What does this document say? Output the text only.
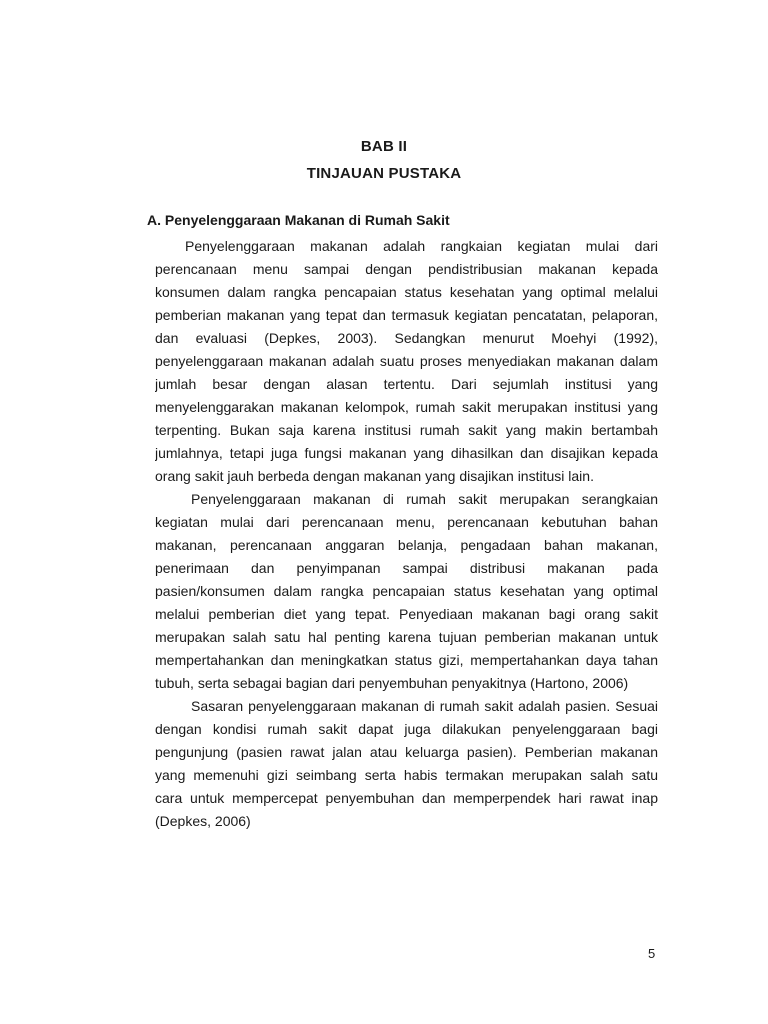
BAB II
TINJAUAN PUSTAKA
A. Penyelenggaraan Makanan di Rumah Sakit
Penyelenggaraan makanan adalah rangkaian kegiatan mulai dari
perencanaan menu sampai dengan pendistribusian makanan kepada
konsumen dalam rangka pencapaian status kesehatan yang optimal melalui
pemberian makanan yang tepat dan termasuk kegiatan pencatatan, pelaporan,
dan evaluasi (Depkes, 2003). Sedangkan menurut Moehyi (1992),
penyelenggaraan makanan adalah suatu proses menyediakan makanan dalam
jumlah besar dengan alasan tertentu. Dari sejumlah institusi yang
menyelenggarakan makanan kelompok, rumah sakit merupakan institusi yang
terpenting. Bukan saja karena institusi rumah sakit yang makin bertambah
jumlahnya, tetapi juga fungsi makanan yang dihasilkan dan disajikan kepada
orang sakit jauh berbeda dengan makanan yang disajikan institusi lain.
Penyelenggaraan makanan di rumah sakit merupakan serangkaian
kegiatan mulai dari perencanaan menu, perencanaan kebutuhan bahan
makanan, perencanaan anggaran belanja, pengadaan bahan makanan,
penerimaan dan penyimpanan sampai distribusi makanan pada
pasien/konsumen dalam rangka pencapaian status kesehatan yang optimal
melalui pemberian diet yang tepat. Penyediaan makanan bagi orang sakit
merupakan salah satu hal penting karena tujuan pemberian makanan untuk
mempertahankan dan meningkatkan status gizi, mempertahankan daya tahan
tubuh, serta sebagai bagian dari penyembuhan penyakitnya (Hartono, 2006)
Sasaran penyelenggaraan makanan di rumah sakit adalah pasien. Sesuai
dengan kondisi rumah sakit dapat juga dilakukan penyelenggaraan bagi
pengunjung (pasien rawat jalan atau keluarga pasien). Pemberian makanan
yang memenuhi gizi seimbang serta habis termakan merupakan salah satu
cara untuk mempercepat penyembuhan dan memperpendek hari rawat inap
(Depkes, 2006)
5
